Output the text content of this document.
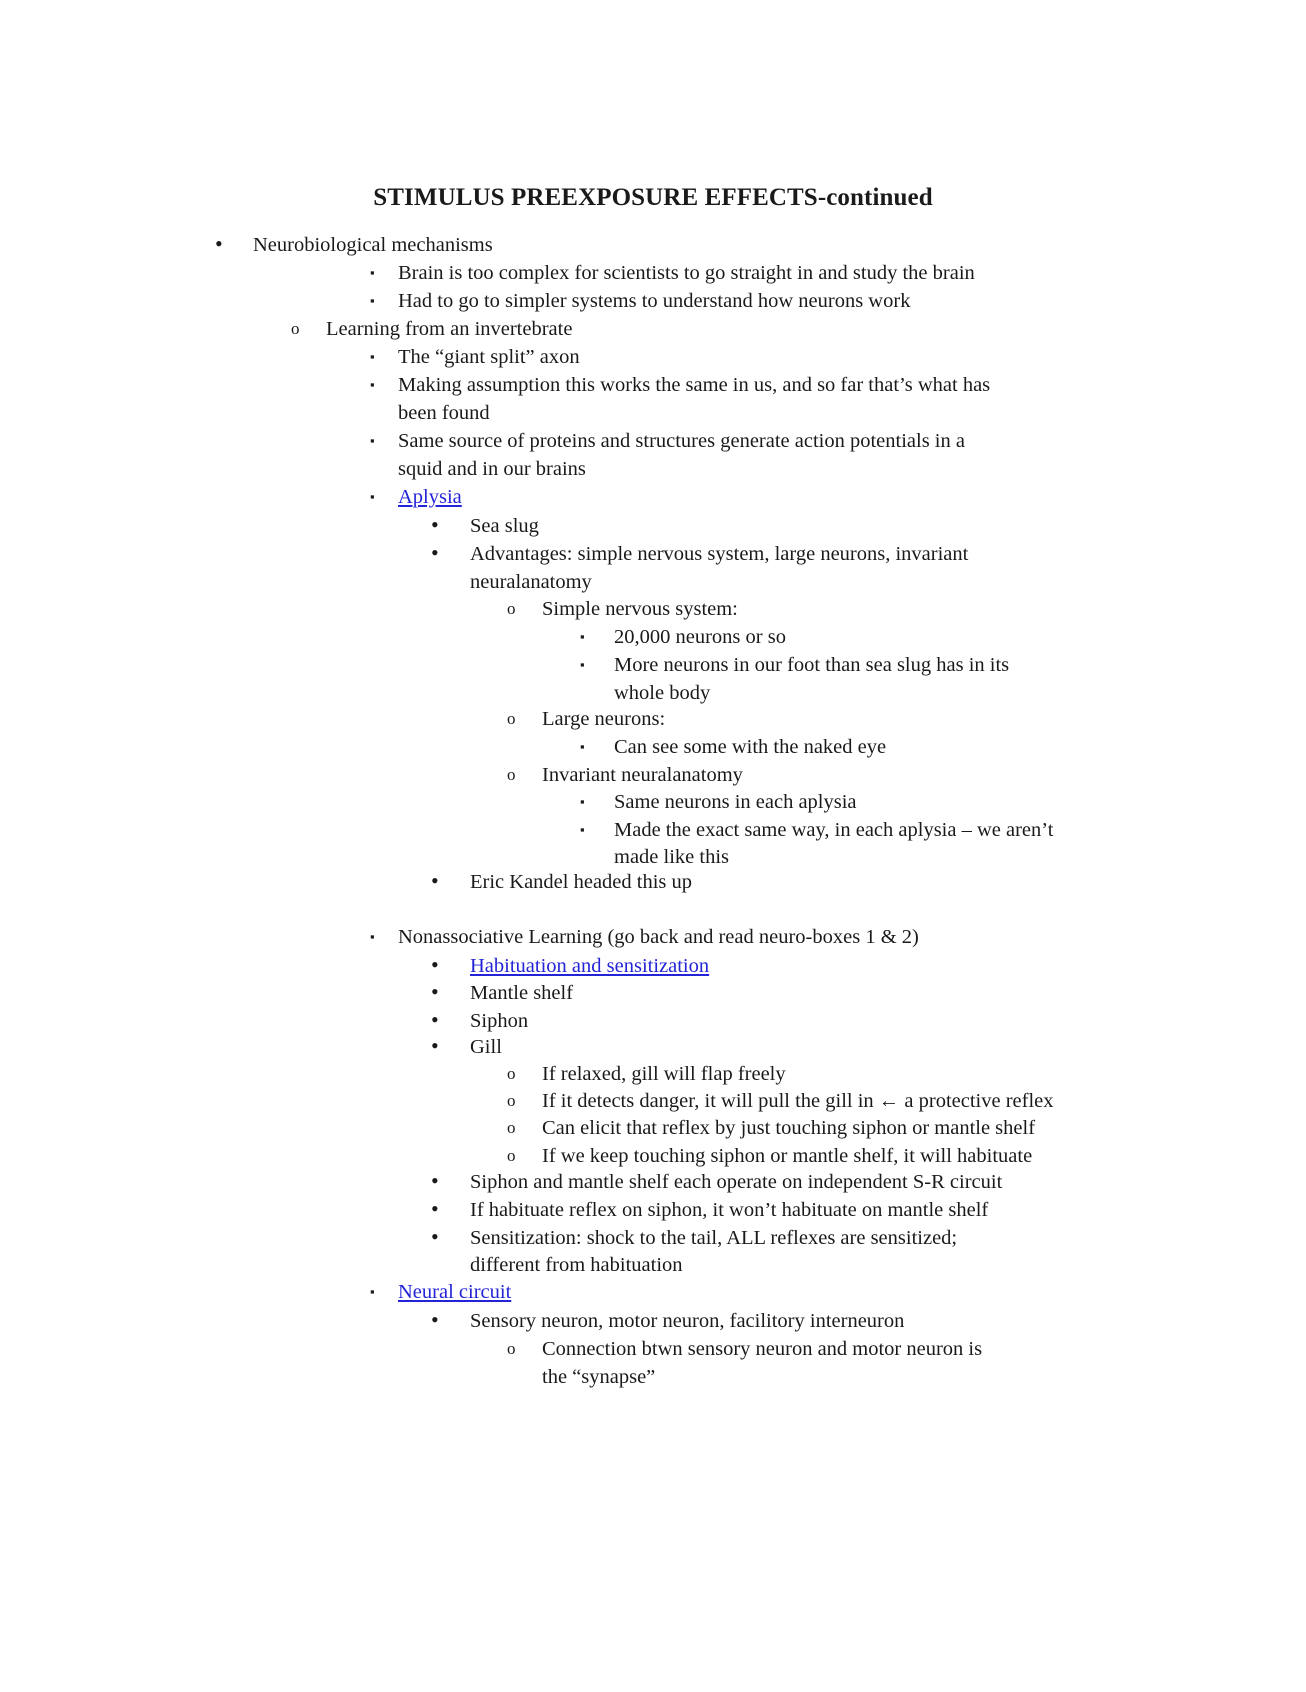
STIMULUS PREEXPOSURE EFFECTS-continued
• Neurobiological mechanisms
▪ Brain is too complex for scientists to go straight in and study the brain
▪ Had to go to simpler systems to understand how neurons work
o Learning from an invertebrate
▪ The “giant split” axon
▪ Making assumption this works the same in us, and so far that’s what has
been found
▪ Same source of proteins and structures generate action potentials in a
squid and in our brains
▪ Aplysia
• Sea slug
• Advantages: simple nervous system, large neurons, invariant
neuralanatomy
o Simple nervous system:
▪ 20,000 neurons or so
▪ More neurons in our foot than sea slug has in its
whole body
o Large neurons:
▪ Can see some with the naked eye
o Invariant neuralanatomy
▪ Same neurons in each aplysia
▪ Made the exact same way, in each aplysia – we aren’t
made like this
• Eric Kandel headed this up
▪ Nonassociative Learning (go back and read neuro-boxes 1 & 2)
• Habituation and sensitization
• Mantle shelf
• Siphon
• Gill
o If relaxed, gill will flap freely
o If it detects danger, it will pull the gill in ← a protective reflex
o Can elicit that reflex by just touching siphon or mantle shelf
o If we keep touching siphon or mantle shelf, it will habituate
• Siphon and mantle shelf each operate on independent S-R circuit
• If habituate reflex on siphon, it won’t habituate on mantle shelf
• Sensitization: shock to the tail, ALL reflexes are sensitized;
different from habituation
▪ Neural circuit
• Sensory neuron, motor neuron, facilitory interneuron
o Connection btwn sensory neuron and motor neuron is
the “synapse”
